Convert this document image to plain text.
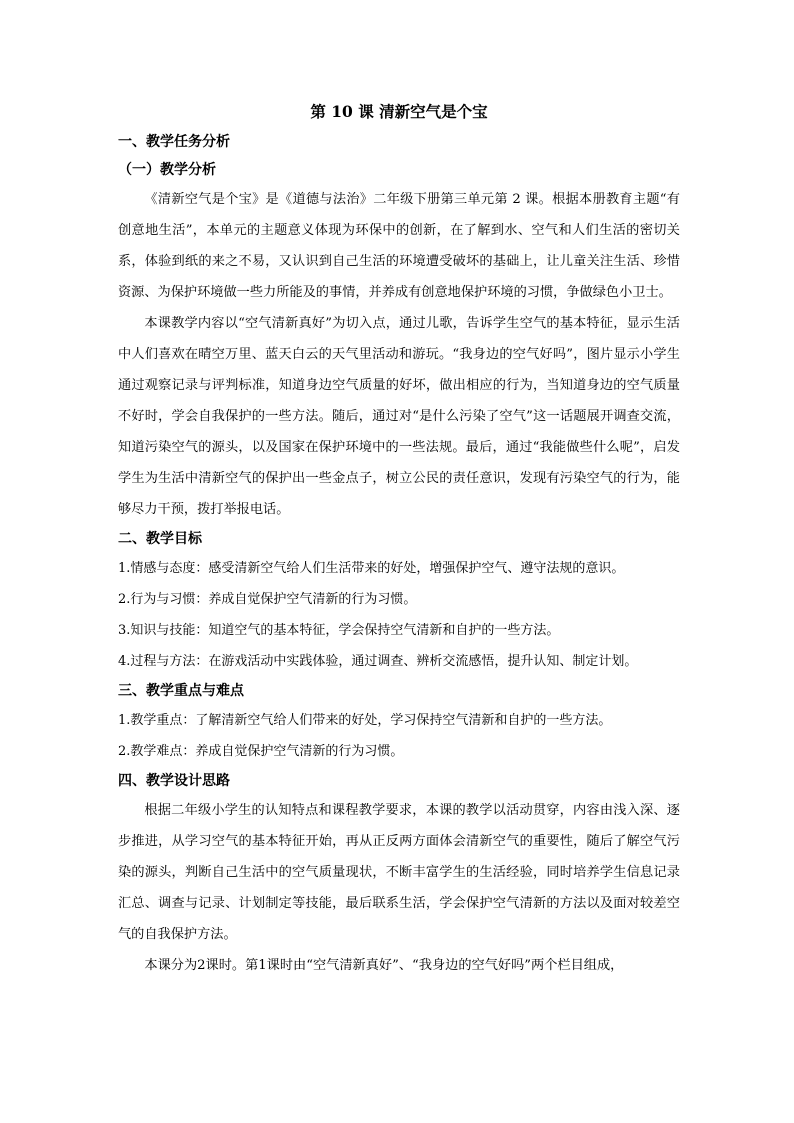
第 10 课 清新空气是个宝
一、教学任务分析
（一）教学分析

《清新空气是个宝》是《道德与法治》二年级下册第三单元第 2 课。根据本册教育主题“有创意地生活”，本单元的主题意义体现为环保中的创新，在了解到水、空气和人们生活的密切关系，体验到纸的来之不易，又认识到自己生活的环境遭受破坏的基础上，让儿童关注生活、珍惜资源、为保护环境做一些力所能及的事情，并养成有创意地保护环境的习惯，争做绿色小卫士。

本课教学内容以“空气清新真好”为切入点，通过儿歌，告诉学生空气的基本特征，显示生活中人们喜欢在晴空万里、蓝天白云的天气里活动和游玩。“我身边的空气好吗”，图片显示小学生通过观察记录与评判标准，知道身边空气质量的好坏，做出相应的行为，当知道身边的空气质量不好时，学会自我保护的一些方法。随后，通过对“是什么污染了空气”这一话题展开调查交流，知道污染空气的源头，以及国家在保护环境中的一些法规。最后，通过“我能做些什么呢”，启发学生为生活中清新空气的保护出一些金点子，树立公民的责任意识，发现有污染空气的行为，能够尽力干预，拨打举报电话。

二、教学目标

1.情感与态度：感受清新空气给人们生活带来的好处，增强保护空气、遵守法规的意识。

2.行为与习惯：养成自觉保护空气清新的行为习惯。

3.知识与技能：知道空气的基本特征，学会保持空气清新和自护的一些方法。

4.过程与方法：在游戏活动中实践体验，通过调查、辨析交流感悟，提升认知、制定计划。

三、教学重点与难点

1.教学重点：了解清新空气给人们带来的好处，学习保持空气清新和自护的一些方法。

2.教学难点：养成自觉保护空气清新的行为习惯。

四、教学设计思路

根据二年级小学生的认知特点和课程教学要求，本课的教学以活动贯穿，内容由浅入深、逐步推进，从学习空气的基本特征开始，再从正反两方面体会清新空气的重要性，随后了解空气污染的源头，判断自己生活中的空气质量现状，不断丰富学生的生活经验，同时培养学生信息记录汇总、调查与记录、计划制定等技能，最后联系生活，学会保护空气清新的方法以及面对较差空气的自我保护方法。

本课分为2课时。第1课时由“空气清新真好”、“我身边的空气好吗”两个栏目组成，
